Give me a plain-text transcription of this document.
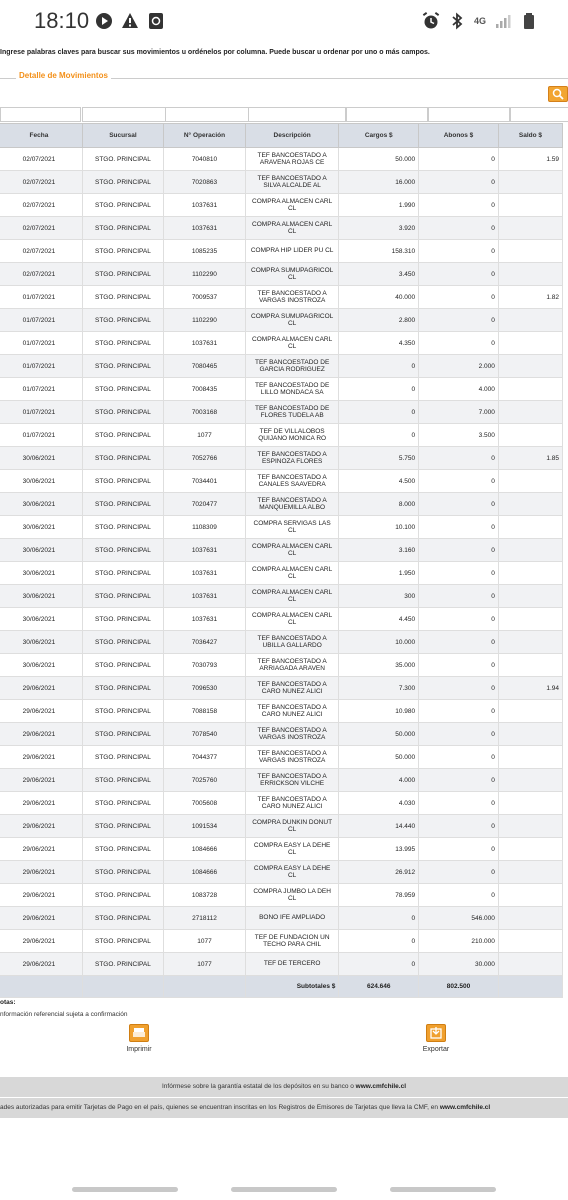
18:10	4G
Ingrese palabras claves para buscar sus movimientos u ordénelos por columna. Puede buscar u ordenar por uno o más campos.
Detalle de Movimientos
Fecha	Sucursal	N° Operación	Descripción	Cargos $	Abonos $	Saldo $
02/07/2021	STGO. PRINCIPAL	7040810	TEF BANCOESTADO A ARAVENA ROJAS CE	50.000	0	1.59
02/07/2021	STGO. PRINCIPAL	7020863	TEF BANCOESTADO A SILVA ALCALDE AL	16.000	0	
02/07/2021	STGO. PRINCIPAL	1037631	COMPRA ALMACEN CARL CL	1.990	0	
02/07/2021	STGO. PRINCIPAL	1037631	COMPRA ALMACEN CARL CL	3.920	0	
02/07/2021	STGO. PRINCIPAL	1085235	COMPRA HIP LIDER PU CL	158.310	0	
02/07/2021	STGO. PRINCIPAL	1102290	COMPRA SUMUPAGRICOL CL	3.450	0	
01/07/2021	STGO. PRINCIPAL	7009537	TEF BANCOESTADO A VARGAS INOSTROZA	40.000	0	1.82
01/07/2021	STGO. PRINCIPAL	1102290	COMPRA SUMUPAGRICOL CL	2.800	0	
01/07/2021	STGO. PRINCIPAL	1037631	COMPRA ALMACEN CARL CL	4.350	0	
01/07/2021	STGO. PRINCIPAL	7080465	TEF BANCOESTADO DE GARCIA RODRIGUEZ	0	2.000	
01/07/2021	STGO. PRINCIPAL	7008435	TEF BANCOESTADO DE LILLO MONDACA SA	0	4.000	
01/07/2021	STGO. PRINCIPAL	7003168	TEF BANCOESTADO DE FLORES TUDELA AB	0	7.000	
01/07/2021	STGO. PRINCIPAL	1077	TEF DE VILLALOBOS QUIJANO MONICA RO	0	3.500	
30/06/2021	STGO. PRINCIPAL	7052766	TEF BANCOESTADO A ESPINOZA FLORES	5.750	0	1.85
30/06/2021	STGO. PRINCIPAL	7034401	TEF BANCOESTADO A CANALES SAAVEDRA	4.500	0	
30/06/2021	STGO. PRINCIPAL	7020477	TEF BANCOESTADO A MANQUEMILLA ALBO	8.000	0	
30/06/2021	STGO. PRINCIPAL	1108309	COMPRA SERVIGAS LAS CL	10.100	0	
30/06/2021	STGO. PRINCIPAL	1037631	COMPRA ALMACEN CARL CL	3.160	0	
30/06/2021	STGO. PRINCIPAL	1037631	COMPRA ALMACEN CARL CL	1.950	0	
30/06/2021	STGO. PRINCIPAL	1037631	COMPRA ALMACEN CARL CL	300	0	
30/06/2021	STGO. PRINCIPAL	1037631	COMPRA ALMACEN CARL CL	4.450	0	
30/06/2021	STGO. PRINCIPAL	7036427	TEF BANCOESTADO A UBILLA GALLARDO	10.000	0	
30/06/2021	STGO. PRINCIPAL	7030793	TEF BANCOESTADO A ARRIAGADA ARAVEN	35.000	0	
29/06/2021	STGO. PRINCIPAL	7096530	TEF BANCOESTADO A CARO NUNEZ ALICI	7.300	0	1.94
29/06/2021	STGO. PRINCIPAL	7088158	TEF BANCOESTADO A CARO NUNEZ ALICI	10.980	0	
29/06/2021	STGO. PRINCIPAL	7078540	TEF BANCOESTADO A VARGAS INOSTROZA	50.000	0	
29/06/2021	STGO. PRINCIPAL	7044377	TEF BANCOESTADO A VARGAS INOSTROZA	50.000	0	
29/06/2021	STGO. PRINCIPAL	7025760	TEF BANCOESTADO A ERRICKSON VILCHE	4.000	0	
29/06/2021	STGO. PRINCIPAL	7005608	TEF BANCOESTADO A CARO NUNEZ ALICI	4.030	0	
29/06/2021	STGO. PRINCIPAL	1091534	COMPRA DUNKIN DONUT CL	14.440	0	
29/06/2021	STGO. PRINCIPAL	1084666	COMPRA EASY LA DEHE CL	13.995	0	
29/06/2021	STGO. PRINCIPAL	1084666	COMPRA EASY LA DEHE CL	26.912	0	
29/06/2021	STGO. PRINCIPAL	1083728	COMPRA JUMBO LA DEH CL	78.959	0	
29/06/2021	STGO. PRINCIPAL	2718112	BONO IFE AMPLIADO	0	546.000	
29/06/2021	STGO. PRINCIPAL	1077	TEF DE FUNDACION UN TECHO PARA CHIL	0	210.000	
29/06/2021	STGO. PRINCIPAL	1077	TEF DE TERCERO	0	30.000	
			Subtotales $	624.646	802.500	
otas:
nformación referencial sujeta a confirmación
Imprimir	Exportar
Infórmese sobre la garantía estatal de los depósitos en su banco o www.cmfchile.cl
ades autorizadas para emitir Tarjetas de Pago en el país, quienes se encuentran inscritas en los Registros de Emisores de Tarjetas que lleva la CMF, en www.cmfchile.cl
